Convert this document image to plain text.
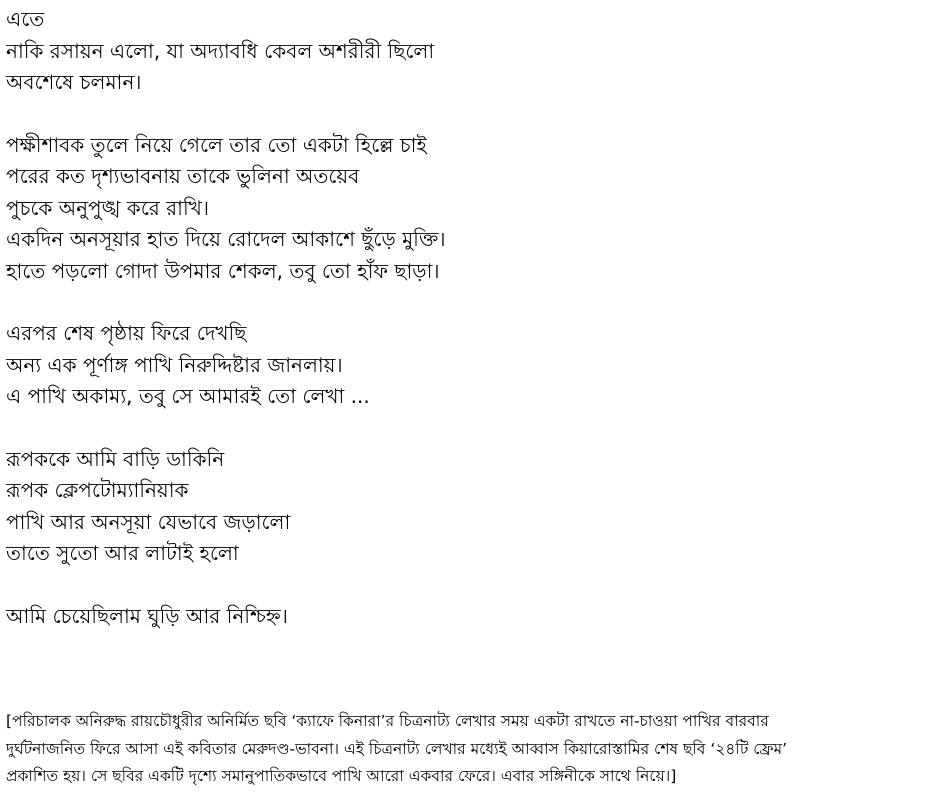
এতে
নাকি রসায়ন এলো, যা অদ্যাবধি কেবল অশরীরী ছিলো
অবশেষে চলমান।
পক্ষীশাবক তুলে নিয়ে গেলে তার তো একটা হিল্লে চাই
পরের কত দৃশ্যভাবনায় তাকে ভুলিনা অতয়েব
পুচকে অনুপুঙ্খ করে রাখি।
একদিন অনসূয়ার হাত দিয়ে রোদেল আকাশে ছুঁড়ে মুক্তি।
হাতে পড়লো গোদা উপমার শেকল, তবু তো হাঁফ ছাড়া।
এরপর শেষ পৃষ্ঠায় ফিরে দেখছি
অন্য এক পূর্ণাঙ্গ পাখি নিরুদ্দিষ্টার জানলায়।
এ পাখি অকাম্য, তবু সে আমারই তো লেখা ...
রূপককে আমি বাড়ি ডাকিনি
রূপক ক্লেপটোম্যানিয়াক
পাখি আর অনসূয়া যেভাবে জড়ালো
তাতে সুতো আর লাটাই হলো
আমি চেয়েছিলাম ঘুড়ি আর নিশ্চিহ্ন।
[পরিচালক অনিরুদ্ধ রায়চৌধুরীর অনির্মিত ছবি ‘ক্যাফে কিনারা’র চিত্রনাট্য লেখার সময় একটা রাখতে না-চাওয়া পাখির বারবার
দুর্ঘটনাজনিত ফিরে আসা এই কবিতার মেরুদণ্ড-ভাবনা। এই চিত্রনাট্য লেখার মধ্যেই আব্বাস কিয়ারোস্তামির শেষ ছবি ‘২৪টি ফ্রেম’
প্রকাশিত হয়। সে ছবির একটি দৃশ্যে সমানুপাতিকভাবে পাখি আরো একবার ফেরে। এবার সঙ্গিনীকে সাথে নিয়ে।]
